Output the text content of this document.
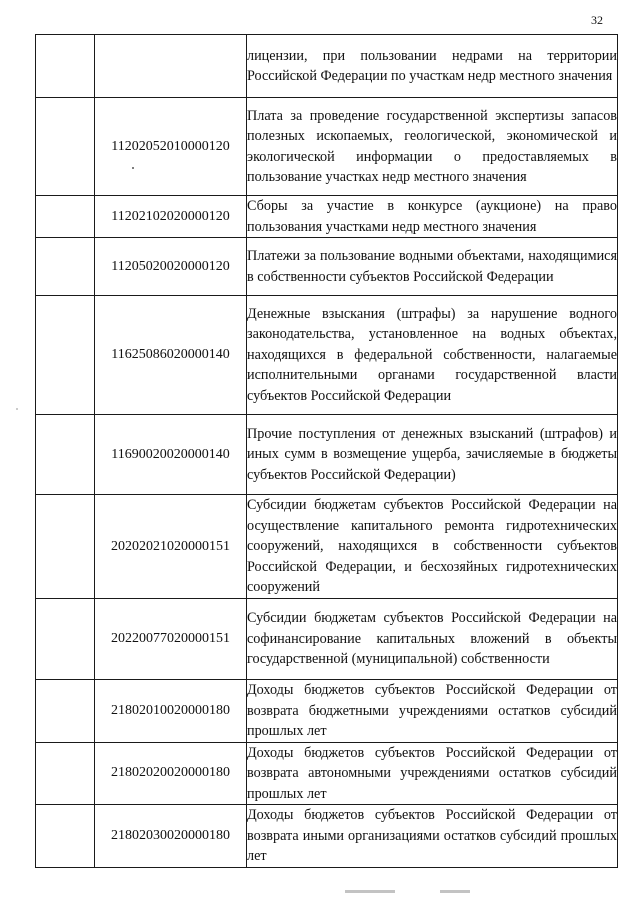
32
		лицензии, при пользовании недрами на территории Российской Федерации по участкам недр местного значения
	11202052010000120	Плата за проведение государственной экспертизы запасов полезных ископаемых, геологической, экономической и экологической информации о предоставляемых в пользование участках недр местного значения
	11202102020000120	Сборы за участие в конкурсе (аукционе) на право пользования участками недр местного значения
	11205020020000120	Платежи за пользование водными объектами, находящимися в собственности субъектов Российской Федерации
	11625086020000140	Денежные взыскания (штрафы) за нарушение водного законодательства, установленное на водных объектах, находящихся в федеральной собственности, налагаемые исполнительными органами государственной власти субъектов Российской Федерации
	11690020020000140	Прочие поступления от денежных взысканий (штрафов) и иных сумм в возмещение ущерба, зачисляемые в бюджеты субъектов Российской Федерации)
	20202021020000151	Субсидии бюджетам субъектов Российской Федерации на осуществление капитального ремонта гидротехнических сооружений, находящихся в собственности субъектов Российской Федерации, и бесхозяйных гидротехнических сооружений
	20220077020000151	Субсидии бюджетам субъектов Российской Федерации на софинансирование капитальных вложений в объекты государственной (муниципальной) собственности
	21802010020000180	Доходы бюджетов субъектов Российской Федерации от возврата бюджетными учреждениями остатков субсидий прошлых лет
	21802020020000180	Доходы бюджетов субъектов Российской Федерации от возврата автономными учреждениями остатков субсидий прошлых лет
	21802030020000180	Доходы бюджетов субъектов Российской Федерации от возврата иными организациями остатков субсидий прошлых лет
